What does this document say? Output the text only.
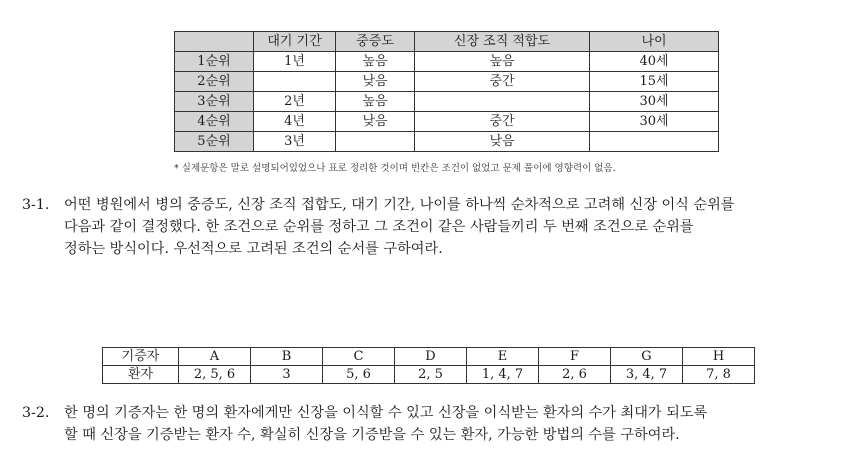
	대기 기간	중증도	신장 조직 적합도	나이
1순위	1년	높음	높음	40세
2순위		낮음	중간	15세
3순위	2년	높음		30세
4순위	4년	낮음	중간	30세
5순위	3년		낮음	
* 실제문항은 말로 설명되어있었으나 표로 정리한 것이며 빈칸은 조건이 없었고 문제 풀이에 영향력이 없음.
3-1. 어떤 병원에서 병의 중증도, 신장 조직 접합도, 대기 기간, 나이를 하나씩 순차적으로 고려해 신장 이식 순위를
다음과 같이 결정했다. 한 조건으로 순위를 정하고 그 조건이 같은 사람들끼리 두 번째 조건으로 순위를
정하는 방식이다. 우선적으로 고려된 조건의 순서를 구하여라.
기증자	A	B	C	D	E	F	G	H
환자	2, 5, 6	3	5, 6	2, 5	1, 4, 7	2, 6	3, 4, 7	7, 8
3-2. 한 명의 기증자는 한 명의 환자에게만 신장을 이식할 수 있고 신장을 이식받는 환자의 수가 최대가 되도록
할 때 신장을 기증받는 환자 수, 확실히 신장을 기증받을 수 있는 환자, 가능한 방법의 수를 구하여라.
